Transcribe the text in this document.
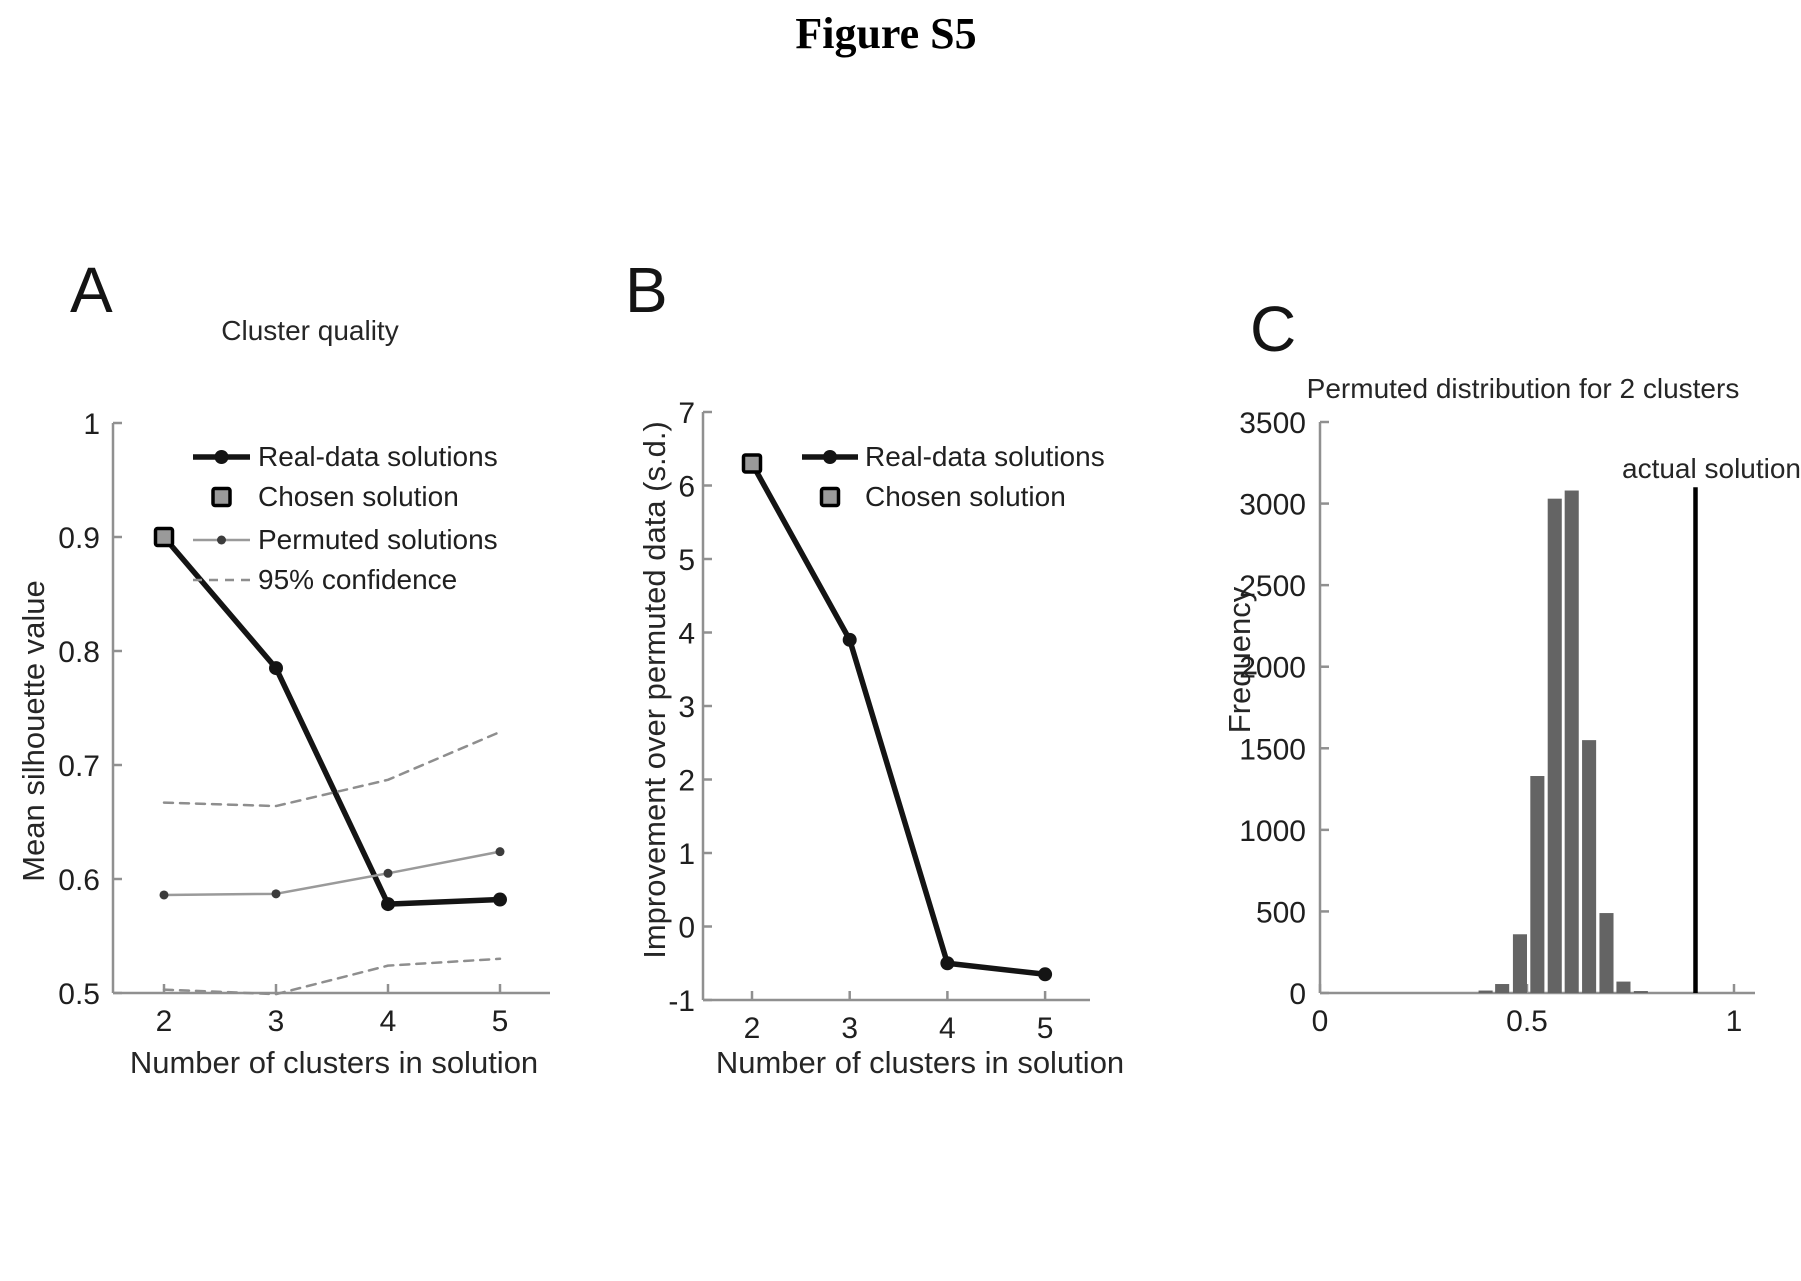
Figure S5
A
Cluster quality
Mean silhouette value
Number of clusters in solution
1
0.9
0.8
0.7
0.6
0.5
2	3	4	5
Real-data solutions
Chosen solution
Permuted solutions
95% confidence
B
Improvement over permuted data (s.d.)
Number of clusters in solution
7
6
5
4
3
2
1
0
-1
2	3	4	5
Real-data solutions
Chosen solution
C
Permuted distribution for 2 clusters
Frequency
actual solution
3500
3000
2500
2000
1500
1000
500
0
0	0.5	1
